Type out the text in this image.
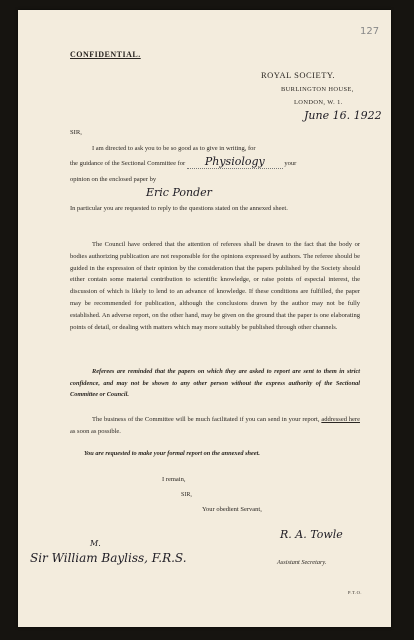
127
CONFIDENTIAL.
ROYAL SOCIETY.
BURLINGTON HOUSE,
LONDON, W. 1.
June 16. 1922
SIR,
I am directed to ask you to be so good as to give in writing, for
the guidance of the Sectional Committee for Physiology	your
opinion on the enclosed paper by
Eric Ponder
In particular you are requested to reply to the questions stated on the annexed sheet.
The Council have ordered that the attention of referees shall be drawn to the fact that the body or bodies authorizing publication are not responsible for the opinions expressed by authors. The referee should be guided in the expression of their opinion by the consideration that the papers published by the Society should either contain some material contribution to scientific knowledge, or raise points of especial interest, the discussion of which is likely to lend to an advance of knowledge. If these conditions are fulfilled, the paper may be recommended for publication, although the conclusions drawn by the author may not be fully established. An adverse report, on the other hand, may be given on the ground that the paper is one elaborating points of detail, or dealing with matters which may more suitably be published through other channels.
Referees are reminded that the papers on which they are asked to report are sent to them in strict confidence, and may not be shown to any other person without the express authority of the Sectional Committee or Council.
The business of the Committee will be much facilitated if you can send in your report, addressed here as soon as possible.
You are requested to make your formal report on the annexed sheet.
I remain,
SIR,
Your obedient Servant,
R. A. Towle
Assistant Secretary.
M.
Sir William Bayliss, F.R.S.
P.T.O.
